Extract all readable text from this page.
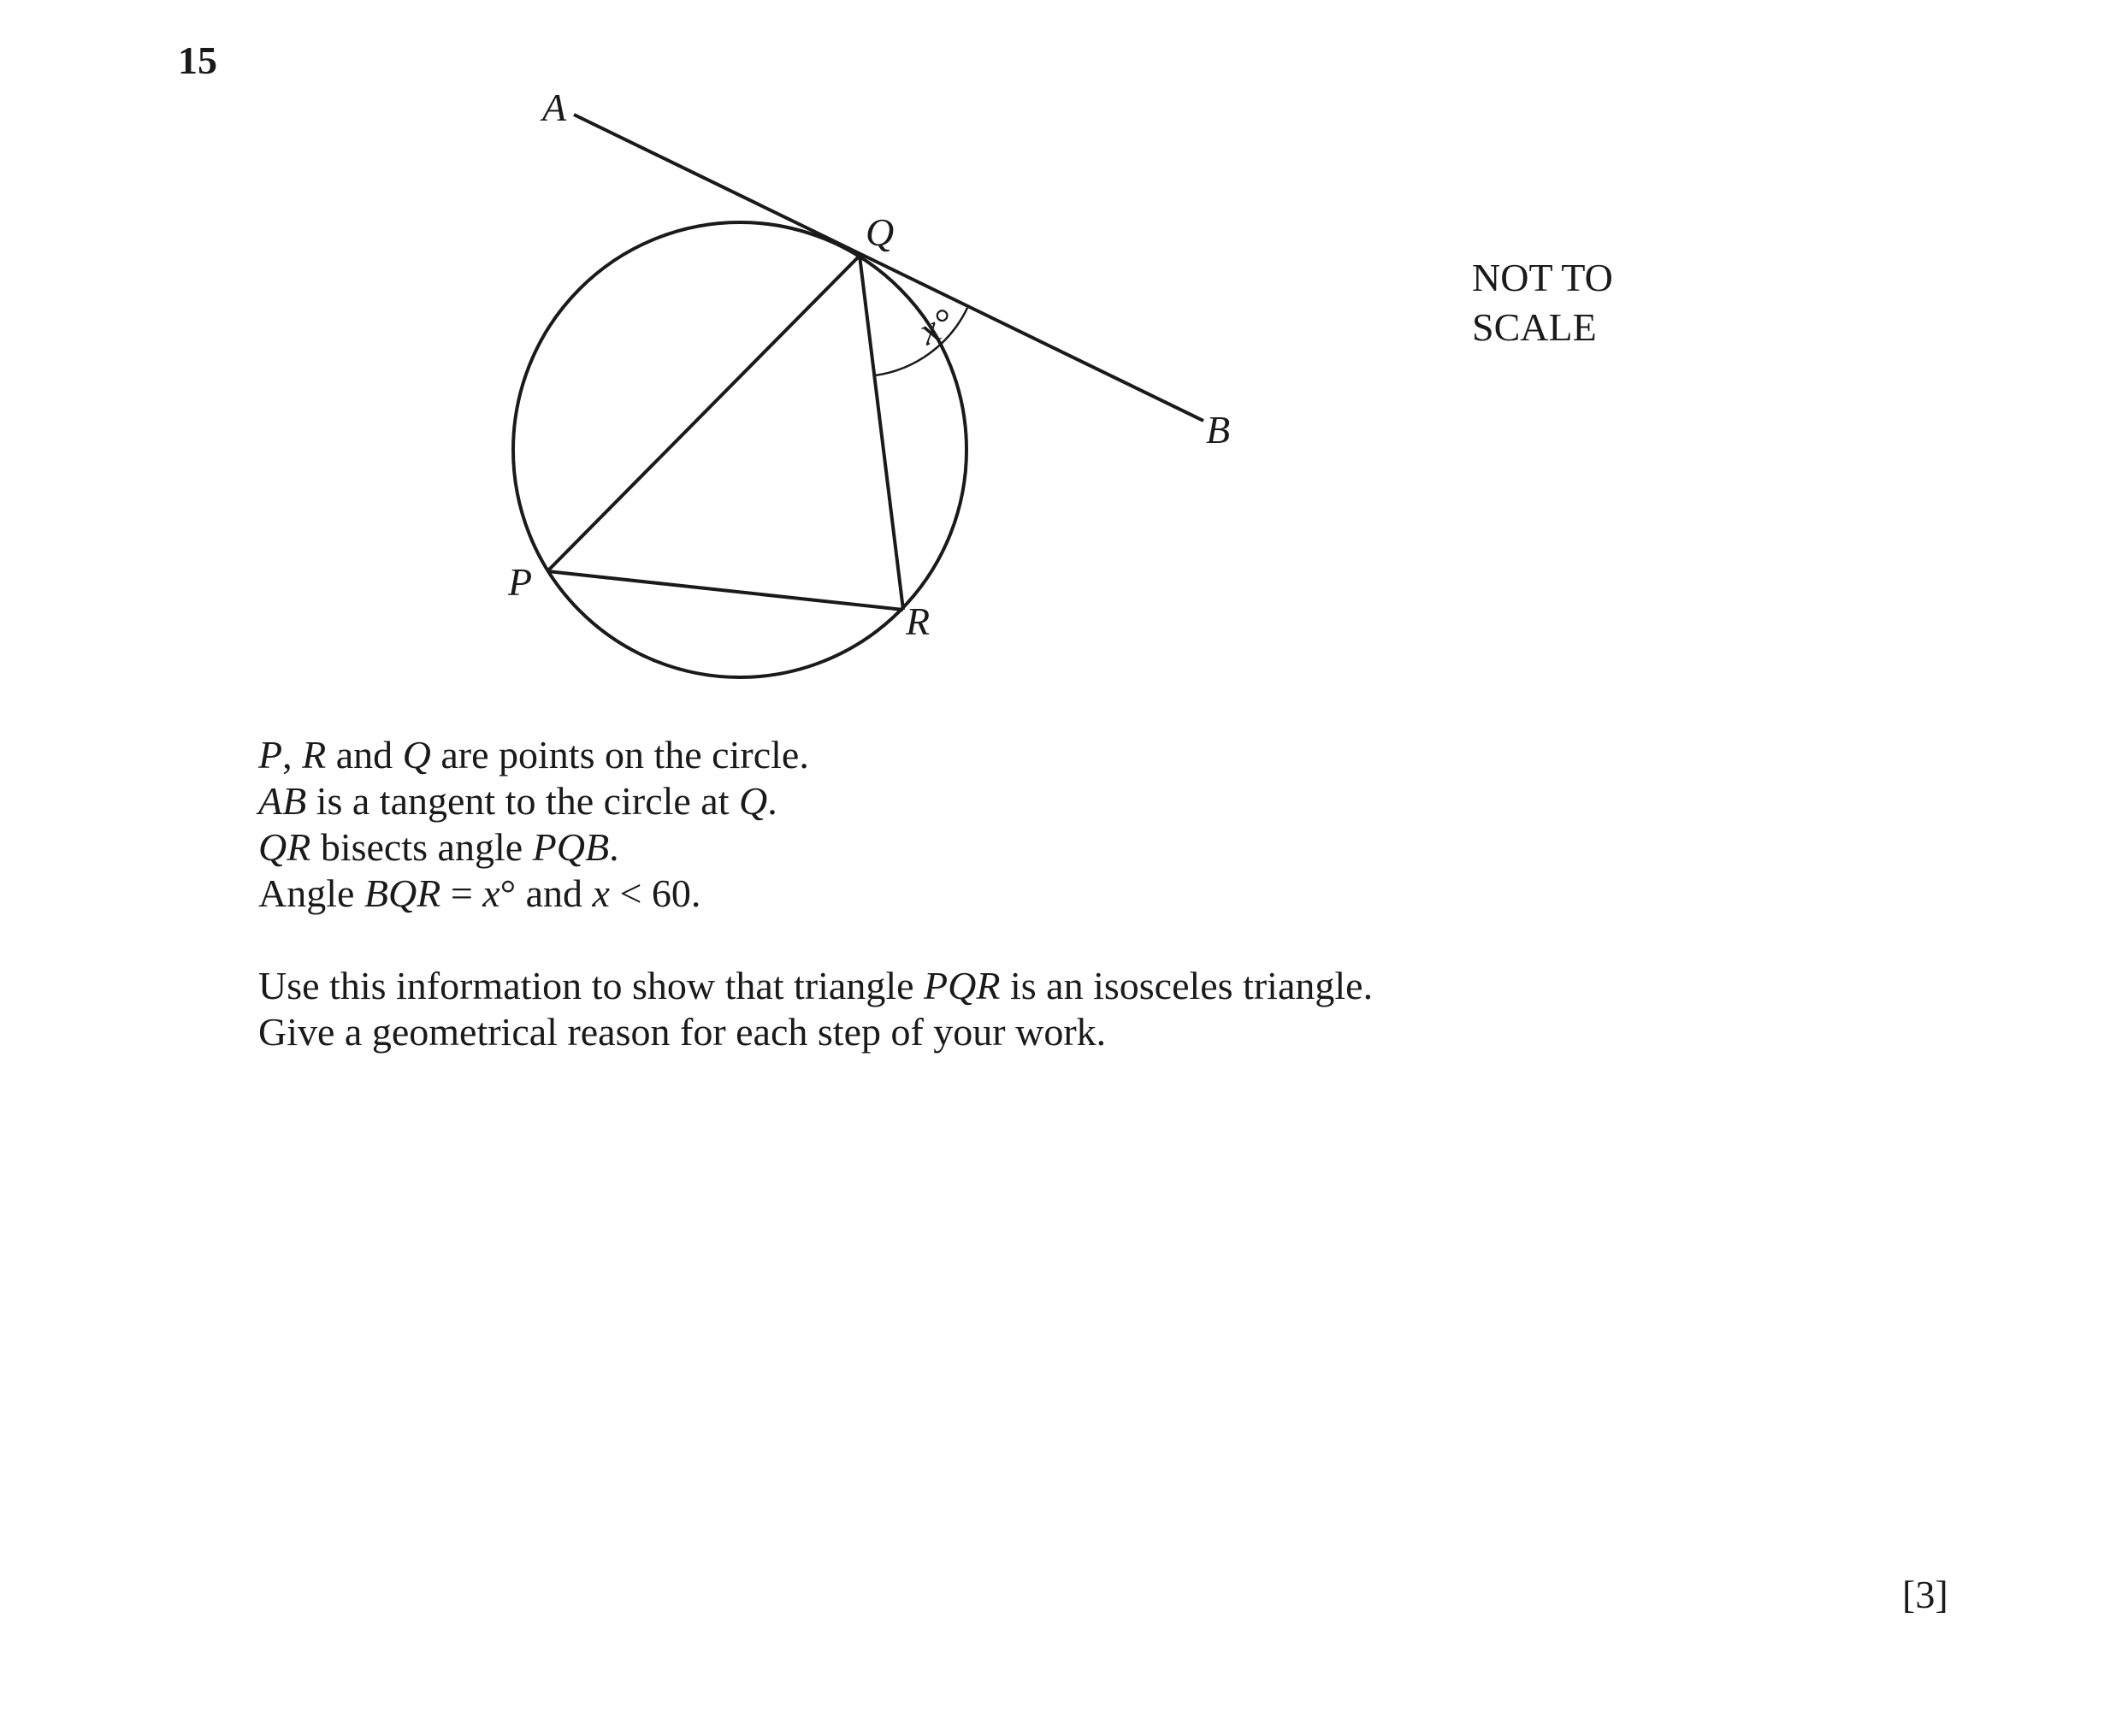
15
A
Q
B
P
R
x°
NOT TO
SCALE
P, R and Q are points on the circle.
AB is a tangent to the circle at Q.
QR bisects angle PQB.
Angle BQR = x° and x < 60.
Use this information to show that triangle PQR is an isosceles triangle.
Give a geometrical reason for each step of your work.
[3]
